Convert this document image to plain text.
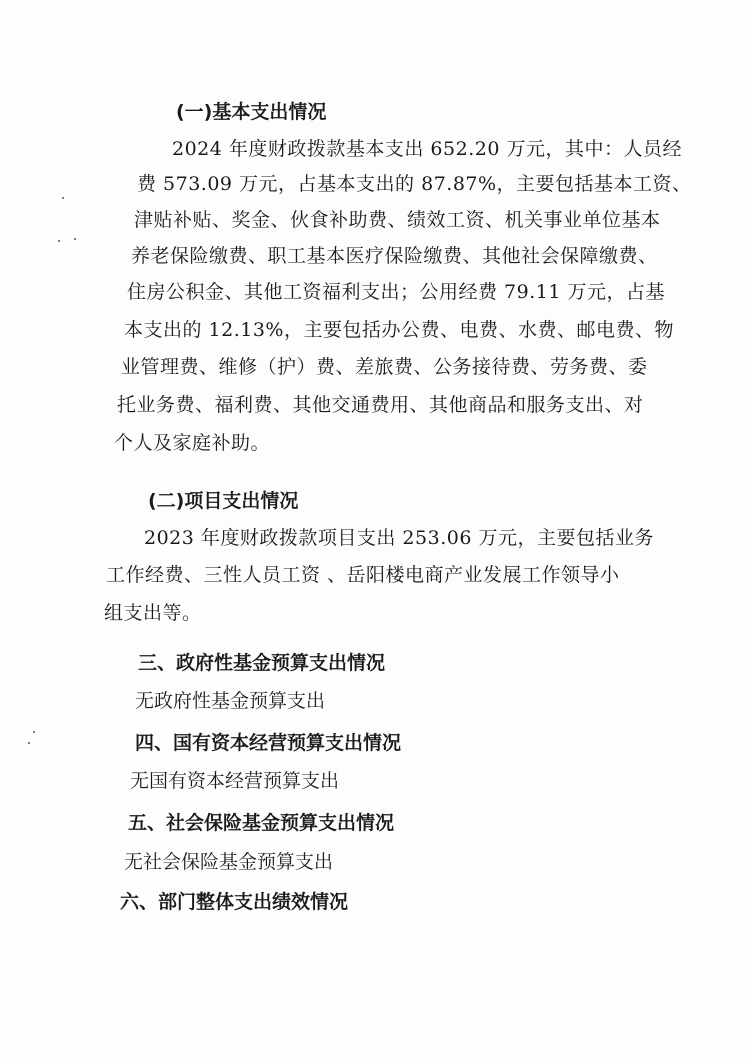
(一)基本支出情况
2024 年度财政拨款基本支出 652.20 万元，其中：人员经
费 573.09 万元，占基本支出的 87.87%，主要包括基本工资、
津贴补贴、奖金、伙食补助费、绩效工资、机关事业单位基本
养老保险缴费、职工基本医疗保险缴费、其他社会保障缴费、
住房公积金、其他工资福利支出；公用经费 79.11 万元，占基
本支出的 12.13%，主要包括办公费、电费、水费、邮电费、物
业管理费、维修（护）费、差旅费、公务接待费、劳务费、委
托业务费、福利费、其他交通费用、其他商品和服务支出、对
个人及家庭补助。
(二)项目支出情况
2023 年度财政拨款项目支出 253.06 万元，主要包括业务
工作经费、三性人员工资 、岳阳楼电商产业发展工作领导小
组支出等。
三、政府性基金预算支出情况
无政府性基金预算支出
四、国有资本经营预算支出情况
无国有资本经营预算支出
五、社会保险基金预算支出情况
无社会保险基金预算支出
六、部门整体支出绩效情况
